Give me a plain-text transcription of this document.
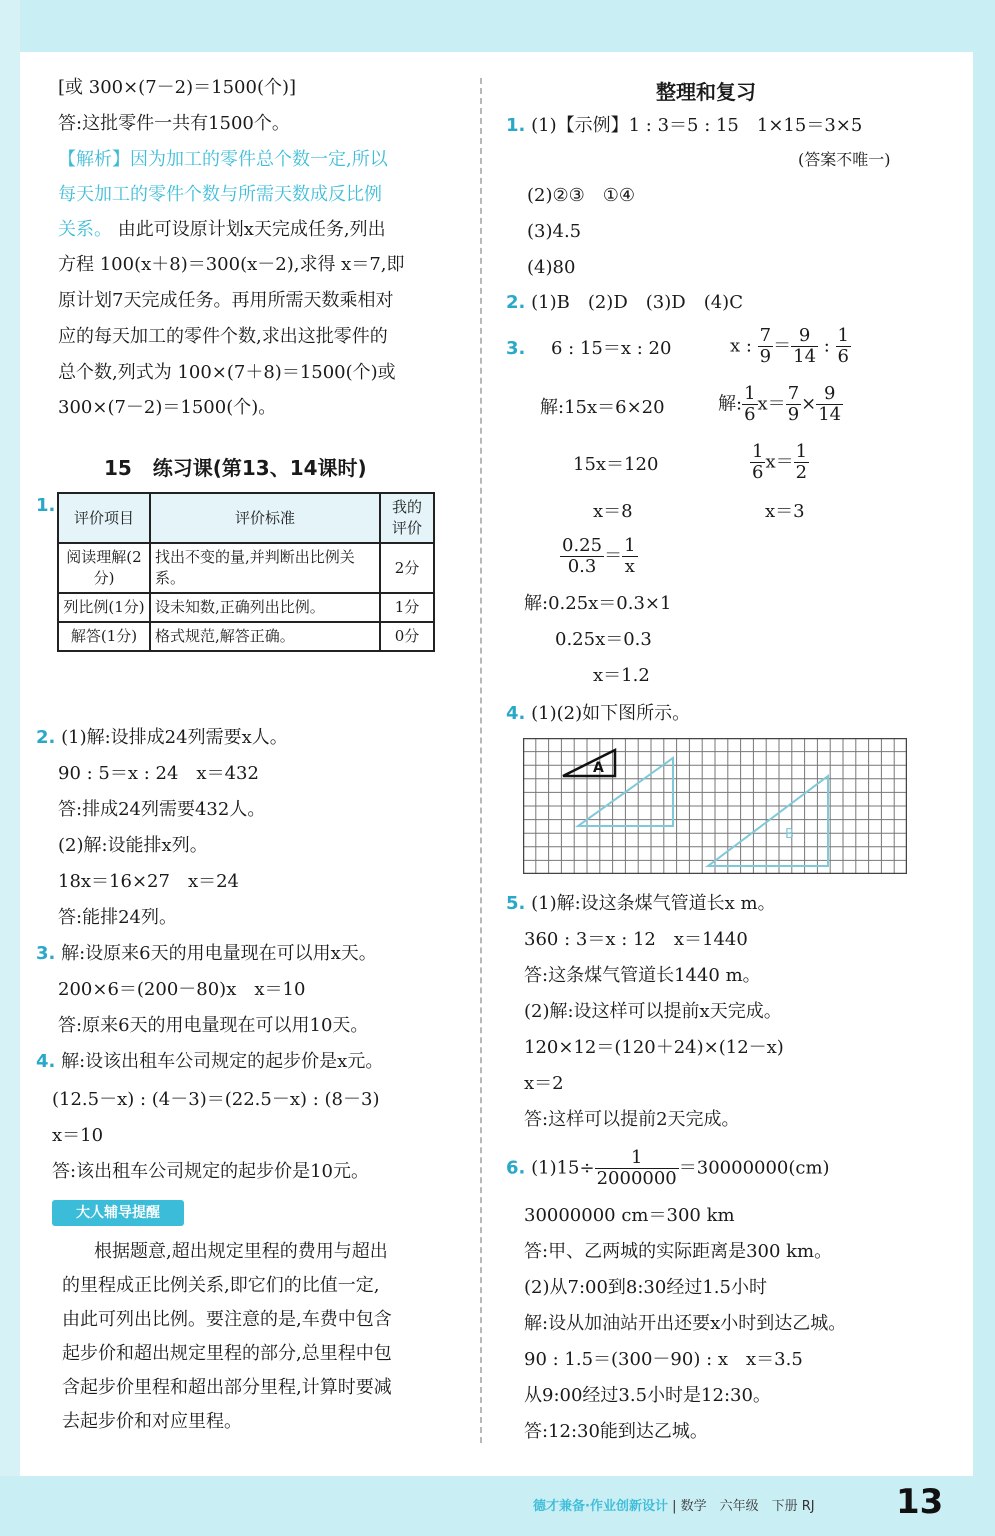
[或 300×(7－2)＝1500(个)]
答:这批零件一共有1500个。
【解析】因为加工的零件总个数一定,所以
每天加工的零件个数与所需天数成反比例
关系。 由此可设原计划x天完成任务,列出
方程 100(x＋8)＝300(x－2),求得 x＝7,即
原计划7天完成任务。再用所需天数乘相对
应的每天加工的零件个数,求出这批零件的
总个数,列式为 100×(7＋8)＝1500(个)或
300×(7－2)＝1500(个)。
15 练习课(第13、14课时)
1.
评价项目	评价标准	我的评价
阅读理解(2分)	找出不变的量,并判断出比例关系。	2分
列比例(1分)	设未知数,正确列出比例。	1分
解答(1分)	格式规范,解答正确。	0分
2. (1)解:设排成24列需要x人。
90 : 5＝x : 24　x＝432
答:排成24列需要432人。
(2)解:设能排x列。
18x＝16×27　x＝24
答:能排24列。
3. 解:设原来6天的用电量现在可以用x天。
200×6＝(200－80)x　x＝10
答:原来6天的用电量现在可以用10天。
4. 解:设该出租车公司规定的起步价是x元。
(12.5－x) : (4－3)＝(22.5－x) : (8－3)
x＝10
答:该出租车公司规定的起步价是10元。
大人辅导提醒
根据题意,超出规定里程的费用与超出
的里程成正比例关系,即它们的比值一定,
由此可列出比例。要注意的是,车费中包含
起步价和超出规定里程的部分,总里程中包
含起步价里程和超出部分里程,计算时要减
去起步价和对应里程。
整理和复习
1. (1)【示例】1 : 3＝5 : 15　1×15＝3×5
(答案不唯一)
(2)②③　①④
(3)4.5
(4)80
2. (1)B　(2)D　(3)D　(4)C
3. 6 : 15＝x : 20
解:15x＝6×20
15x＝120
x＝8
x : $\frac{7}{9} = \frac{9}{14}$ : $\frac{1}{6}$
解: $\frac{1}{6} x= \frac{7}{9} \times \frac{9}{14}$
$\frac{1}{6} x= \frac{1}{2}$
x＝3
$\frac{0.25}{0.3} = \frac{1}{x}$
解:0.25x＝0.3×1
0.25x＝0.3
x＝1.2
4. (1)(2)如下图所示。
A
B
5. (1)解:设这条煤气管道长x m。
360 : 3＝x : 12　x＝1440
答:这条煤气管道长1440 m。
(2)解:设这样可以提前x天完成。
120×12＝(120＋24)×(12－x)
x＝2
答:这样可以提前2天完成。
6. $(1)15\div \frac{1}{2000000} =30000000(cm)$
30000000 cm＝300 km
答:甲、乙两城的实际距离是300 km。
(2)从7:00到8:30经过1.5小时
解:设从加油站开出还要x小时到达乙城。
90 : 1.5＝(300－90) : x　x＝3.5
从9:00经过3.5小时是12:30。
答:12:30能到达乙城。
德才兼备·作业创新设计 | 数学　六年级　下册 RJ 13
